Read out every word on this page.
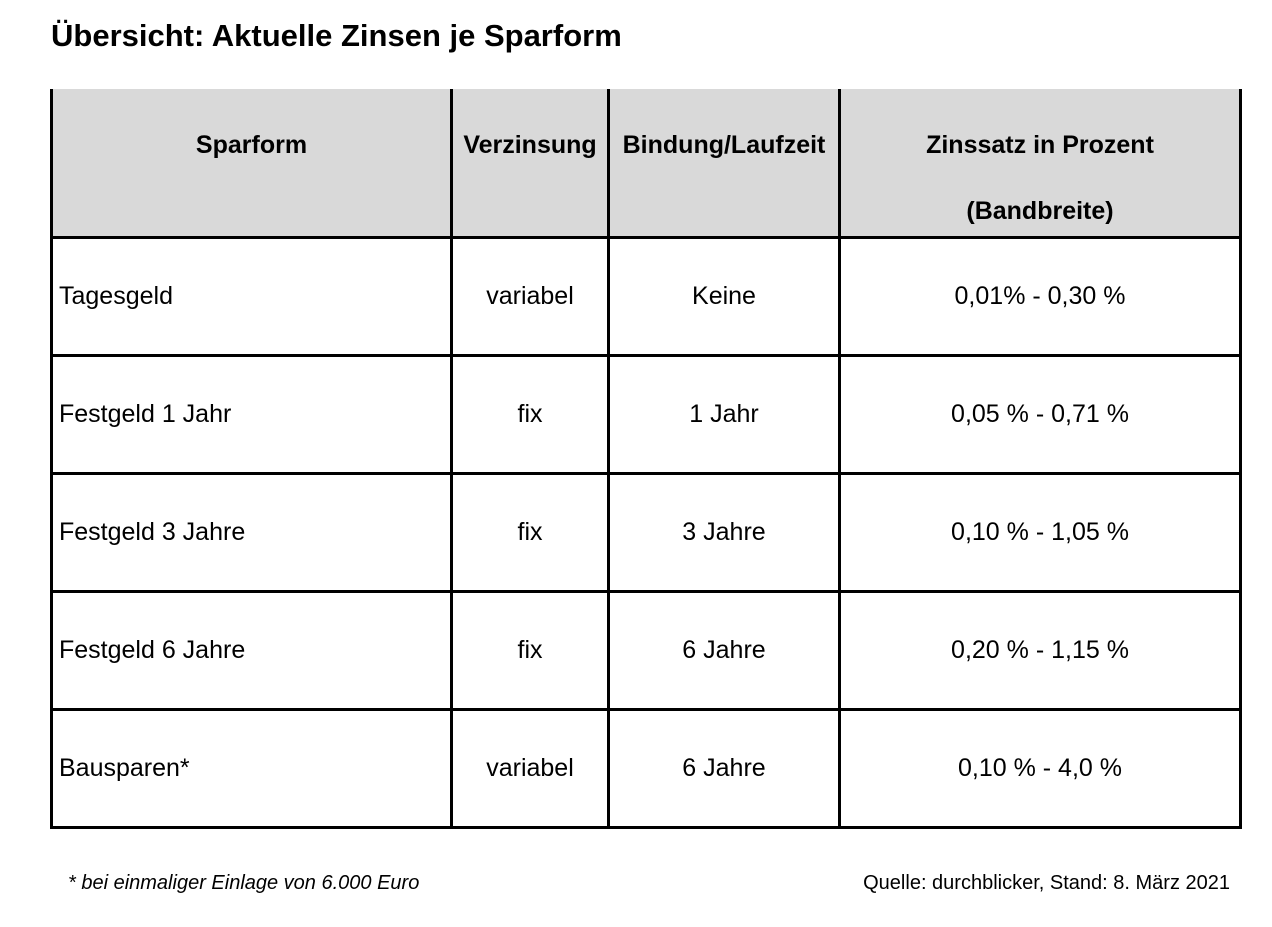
Übersicht: Aktuelle Zinsen je Sparform
Sparform	Verzinsung	Bindung/Laufzeit	Zinssatz in Prozent
(Bandbreite)

Tagesgeld	variabel	Keine	0,01% - 0,30 %
Festgeld 1 Jahr	fix	1 Jahr	0,05 % - 0,71 %
Festgeld 3 Jahre	fix	3 Jahre	0,10 % - 1,05 %
Festgeld 6 Jahre	fix	6 Jahre	0,20 % - 1,15 %
Bausparen*	variabel	6 Jahre	0,10 % - 4,0 %
* bei einmaliger Einlage von 6.000 Euro	Quelle: durchblicker, Stand: 8. März 2021
